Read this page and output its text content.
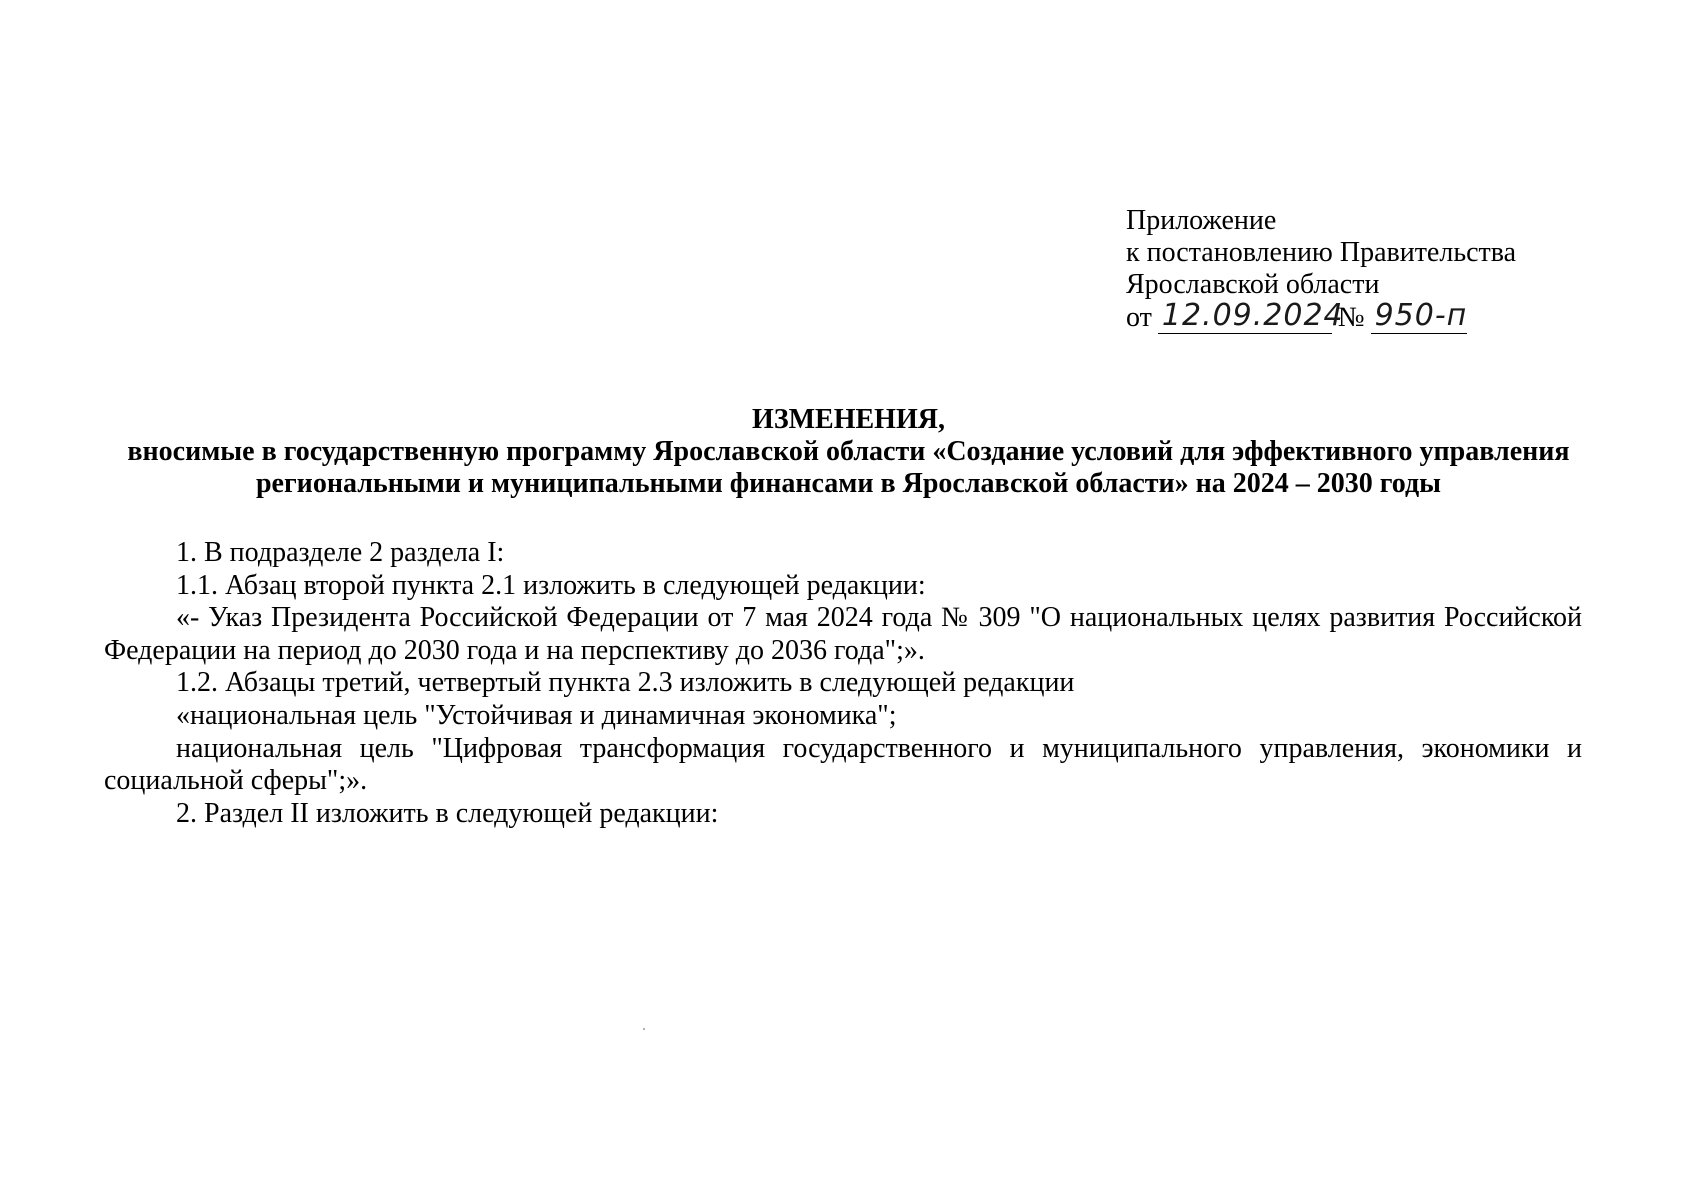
Приложение
к постановлению Правительства
Ярославской области
от 12.09.2024
№ 950-п
ИЗМЕНЕНИЯ,
вносимые в государственную программу Ярославской области «Создание условий для эффективного управления
региональными и муниципальными финансами в Ярославской области» на 2024 – 2030 годы

1. В подразделе 2 раздела I:

1.1. Абзац второй пункта 2.1 изложить в следующей редакции:

«- Указ Президента Российской Федерации от 7 мая 2024 года № 309 "О национальных целях развития Российской Федерации на период до 2030 года и на перспективу до 2036 года";».

1.2. Абзацы третий, четвертый пункта 2.3 изложить в следующей редакции

«национальная цель "Устойчивая и динамичная экономика";

национальная цель "Цифровая трансформация государственного и муниципального управления, экономики и социальной сферы";».

2. Раздел II изложить в следующей редакции:
